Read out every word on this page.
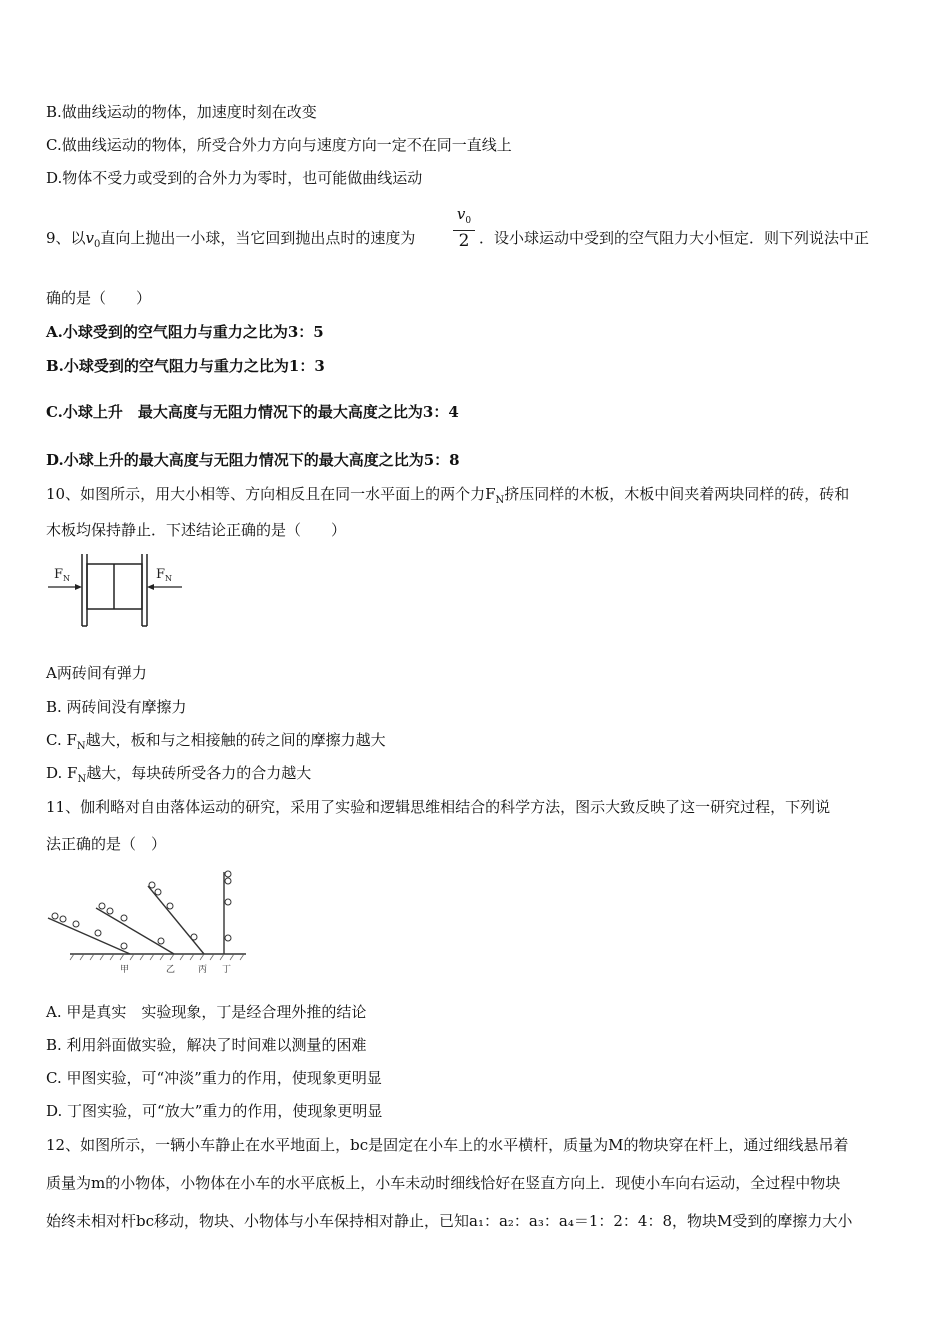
B.做曲线运动的物体，加速度时刻在改变
C.做曲线运动的物体，所受合外力方向与速度方向一定不在同一直线上
D.物体不受力或受到的合外力为零时，也可能做曲线运动
9、以$v_0$直向上抛出一小球，当它回到抛出点时的速度为	$\frac{v_0}{2}$ ．设小球运动中受到的空气阻力大小恒定．则下列说法中正
确的是（　　）
A.小球受到的空气阻力与重力之比为3：5
B.小球受到的空气阻力与重力之比为1：3
C.小球上升　最大高度与无阻力情况下的最大高度之比为3：4
D.小球上升的最大高度与无阻力情况下的最大高度之比为5：8
10、如图所示，用大小相等、方向相反且在同一水平面上的两个力$F_N$挤压同样的木板，木板中间夹着两块同样的砖，砖和
木板均保持静止．下述结论正确的是（　　）
$F_N$	$F_N$
A两砖间有弹力
B. 两砖间没有摩擦力
C. $F_N$越大，板和与之相接触的砖之间的摩擦力越大
D. $F_N$越大，每块砖所受各力的合力越大
11、伽利略对自由落体运动的研究，采用了实验和逻辑思维相结合的科学方法，图示大致反映了这一研究过程，下列说
法正确的是（　）
甲	乙	丙 丁
A. 甲是真实　实验现象，丁是经合理外推的结论
B. 利用斜面做实验，解决了时间难以测量的困难
C. 甲图实验，可“冲淡”重力的作用，使现象更明显
D. 丁图实验，可“放大”重力的作用，使现象更明显
12、如图所示，一辆小车静止在水平地面上，bc是固定在小车上的水平横杆，质量为M的物块穿在杆上，通过细线悬吊着
质量为m的小物体，小物体在小车的水平底板上，小车未动时细线恰好在竖直方向上．现使小车向右运动，全过程中物块
始终未相对杆bc移动，物块、小物体与小车保持相对静止，已知a₁：a₂：a₃：a₄＝1：2：4：8，物块M受到的摩擦力大小
